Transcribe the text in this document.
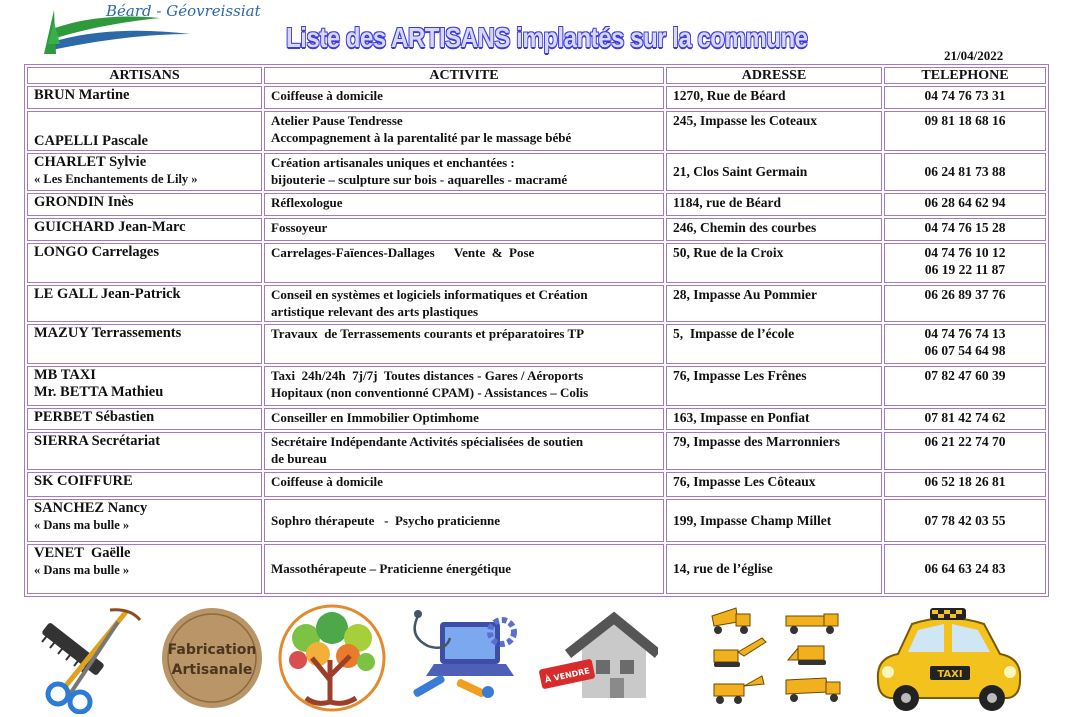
Béard - Géovreissiat
Liste des ARTISANS implantés sur la commune
21/04/2022
ARTISANS	ACTIVITE	ADRESSE	TELEPHONE

BRUN Martine	Coiffeuse à domicile	1270, Rue de Béard	04 74 76 73 31

CAPELLI Pascale	Atelier Pause Tendresse
Accompagnement à la parentalité par le massage bébé	245, Impasse les Coteaux	09 81 18 68 16

CHARLET Sylvie
« Les Enchantements de Lily »	Création artisanales uniques et enchantées :
bijouterie – sculpture sur bois - aquarelles - macramé	21, Clos Saint Germain	06 24 81 73 88

GRONDIN Inès	Réflexologue	1184, rue de Béard	06 28 64 62 94

GUICHARD Jean-Marc	Fossoyeur	246, Chemin des courbes	04 74 76 15 28

LONGO Carrelages	Carrelages-Faïences-Dallages      Vente  &  Pose	50, Rue de la Croix	04 74 76 10 12
06 19 22 11 87

LE GALL Jean-Patrick	Conseil en systèmes et logiciels informatiques et Création
artistique relevant des arts plastiques	28, Impasse Au Pommier	06 26 89 37 76

MAZUY Terrassements	Travaux  de Terrassements courants et préparatoires TP	5,  Impasse de l’école	04 74 76 74 13
06 07 54 64 98

MB TAXI
Mr. BETTA Mathieu	Taxi  24h/24h  7j/7j  Toutes distances - Gares / Aéroports
Hopitaux (non conventionné CPAM) - Assistances – Colis	76, Impasse Les Frênes	07 82 47 60 39

PERBET Sébastien	Conseiller en Immobilier Optimhome	163, Impasse en Ponfiat	07 81 42 74 62

SIERRA Secrétariat	Secrétaire Indépendante Activités spécialisées de soutien
de bureau	79, Impasse des Marronniers	06 21 22 74 70

SK COIFFURE	Coiffeuse à domicile	76, Impasse Les Côteaux	06 52 18 26 81

SANCHEZ Nancy
« Dans ma bulle »	Sophro thérapeute   -  Psycho praticienne	199, Impasse Champ Millet	07 78 42 03 55

VENET  Gaëlle
« Dans ma bulle »	Massothérapeute – Praticienne énergétique	14, rue de l’église	06 64 63 24 83
Fabrication
Artisanale	À VENDRE	TAXI
